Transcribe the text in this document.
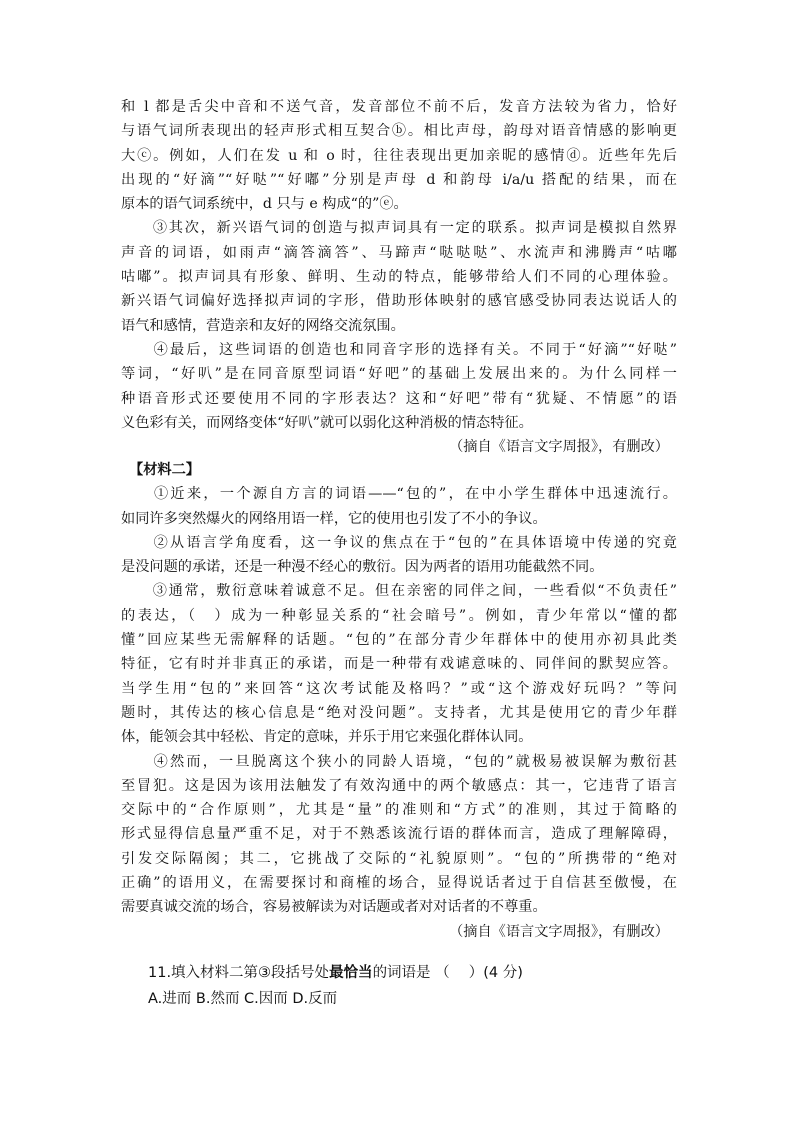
和 l 都是舌尖中音和不送气音，发音部位不前不后，发音方法较为省力，恰好
与语气词所表现出的轻声形式相互契合ⓑ。相比声母，韵母对语音情感的影响更
大ⓒ。例如，人们在发 u 和 o 时，往往表现出更加亲昵的感情ⓓ。近些年先后
出现的“好滴”“好哒”“好嘟”分别是声母 d 和韵母 i/a/u 搭配的结果，而在
原本的语气词系统中，d 只与 e 构成“的”ⓔ。
　　③其次，新兴语气词的创造与拟声词具有一定的联系。拟声词是模拟自然界
声音的词语，如雨声“滴答滴答”、马蹄声“哒哒哒”、水流声和沸腾声“咕嘟
咕嘟”。拟声词具有形象、鲜明、生动的特点，能够带给人们不同的心理体验。
新兴语气词偏好选择拟声词的字形，借助形体映射的感官感受协同表达说话人的
语气和感情，营造亲和友好的网络交流氛围。
　　④最后，这些词语的创造也和同音字形的选择有关。不同于“好滴”“好哒”
等词，“好叭”是在同音原型词语“好吧”的基础上发展出来的。为什么同样一
种语音形式还要使用不同的字形表达？这和“好吧”带有“犹疑、不情愿”的语
义色彩有关，而网络变体“好叭”就可以弱化这种消极的情态特征。
（摘自《语言文字周报》，有删改）
【材料二】
　　①近来，一个源自方言的词语——“包的”，在中小学生群体中迅速流行。
如同许多突然爆火的网络用语一样，它的使用也引发了不小的争议。
　　②从语言学角度看，这一争议的焦点在于“包的”在具体语境中传递的究竟
是没问题的承诺，还是一种漫不经心的敷衍。因为两者的语用功能截然不同。
　　③通常，敷衍意味着诚意不足。但在亲密的同伴之间，一些看似“不负责任”
的表达，（　）成为一种彰显关系的“社会暗号”。例如，青少年常以“懂的都
懂”回应某些无需解释的话题。“包的”在部分青少年群体中的使用亦初具此类
特征，它有时并非真正的承诺，而是一种带有戏谑意味的、同伴间的默契应答。
当学生用“包的”来回答“这次考试能及格吗？”或“这个游戏好玩吗？”等问
题时，其传达的核心信息是“绝对没问题”。支持者，尤其是使用它的青少年群
体，能领会其中轻松、肯定的意味，并乐于用它来强化群体认同。
　　④然而，一旦脱离这个狭小的同龄人语境，“包的”就极易被误解为敷衍甚
至冒犯。这是因为该用法触发了有效沟通中的两个敏感点：其一，它违背了语言
交际中的“合作原则”，尤其是“量”的准则和“方式”的准则，其过于简略的
形式显得信息量严重不足，对于不熟悉该流行语的群体而言，造成了理解障碍，
引发交际隔阂；其二，它挑战了交际的“礼貌原则”。“包的”所携带的“绝对
正确”的语用义，在需要探讨和商榷的场合，显得说话者过于自信甚至傲慢，在
需要真诚交流的场合，容易被解读为对话题或者对对话者的不尊重。
（摘自《语言文字周报》，有删改）
11.填入材料二第③段括号处最恰当的词语是 （　 ）(4 分)
A.进而 B.然而 C.因而 D.反而
